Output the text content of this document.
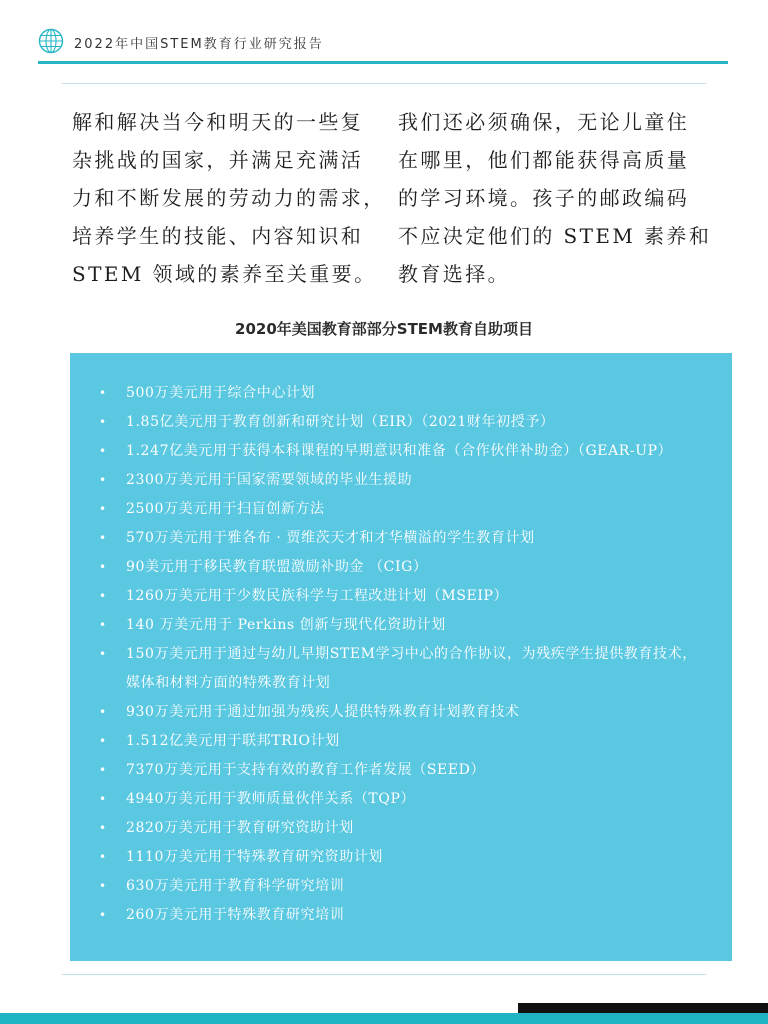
2022年中国STEM教育行业研究报告

解和解决当今和明天的一些复

杂挑战的国家，并满足充满活

力和不断发展的劳动力的需求，

培养学生的技能、内容知识和

STEM 领域的素养至关重要。

我们还必须确保，无论儿童住

在哪里，他们都能获得高质量

的学习环境。孩子的邮政编码

不应决定他们的 STEM 素养和

教育选择。

2020年美国教育部部分STEM教育自助项目
• 500万美元用于综合中心计划
• 1.85亿美元用于教育创新和研究计划（EIR）（2021财年初授予）
• 1.247亿美元用于获得本科课程的早期意识和准备（合作伙伴补助金）（GEAR-UP）
• 2300万美元用于国家需要领域的毕业生援助
• 2500万美元用于扫盲创新方法
• 570万美元用于雅各布 · 贾维茨天才和才华横溢的学生教育计划
• 90美元用于移民教育联盟激励补助金 （CIG）
• 1260万美元用于少数民族科学与工程改进计划（MSEIP）
• 140 万美元用于 Perkins 创新与现代化资助计划
• 150万美元用于通过与幼儿早期STEM学习中心的合作协议，为残疾学生提供教育技术，媒体和材料方面的特殊教育计划
• 930万美元用于通过加强为残疾人提供特殊教育计划教育技术
• 1.512亿美元用于联邦TRIO计划
• 7370万美元用于支持有效的教育工作者发展（SEED）
• 4940万美元用于教师质量伙伴关系（TQP）
• 2820万美元用于教育研究资助计划
• 1110万美元用于特殊教育研究资助计划
• 630万美元用于教育科学研究培训
• 260万美元用于特殊教育研究培训
